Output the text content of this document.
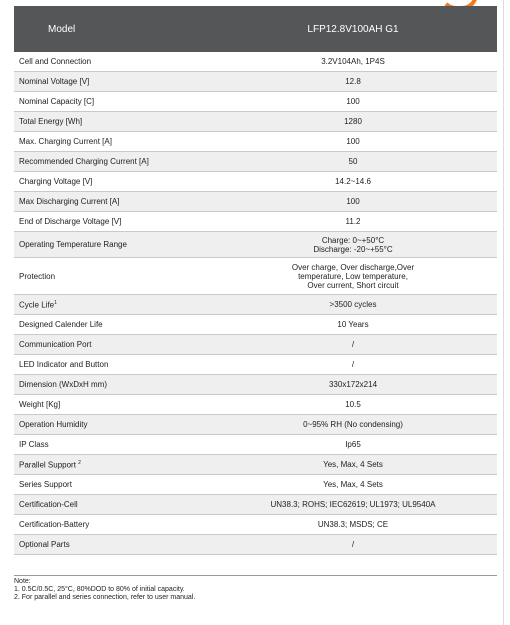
Model	LFP12.8V100AH G1
Cell and Connection	3.2V104Ah, 1P4S
Nominal Voltage [V]	12.8
Nominal Capacity [C]	100
Total Energy [Wh]	1280
Max. Charging Current [A]	100
Recommended Charging Current [A]	50
Charging Voltage [V]	14.2~14.6
Max Discharging Current [A]	100
End of Discharge Voltage [V]	11.2
Operating Temperature Range	Charge: 0~+50°C
Discharge: -20~+55°C

Protection	Over charge, Over discharge,Over
temperature, Low temperature,
Over current, Short circuit

Cycle Life$^1$	>3500 cycles
Designed Calender Life	10 Years
Communication Port	/
LED Indicator and Button	/
Dimension (WxDxH mm)	330x172x214
Weight [Kg]	10.5
Operation Humidity	0~95% RH (No condensing)
IP Class	Ip65
Parallel Support $^2$	Yes, Max, 4 Sets
Series Support	Yes, Max, 4 Sets
Certification-Cell	UN38.3; ROHS; IEC62619; UL1973; UL9540A
Certification-Battery	UN38.3; MSDS; CE
Optional Parts	/
Note:
1. 0.5C/0.5C, 25°C, 80%DOD to 80% of initial capacity.
2. For parallel and series connection, refer to user manual.
